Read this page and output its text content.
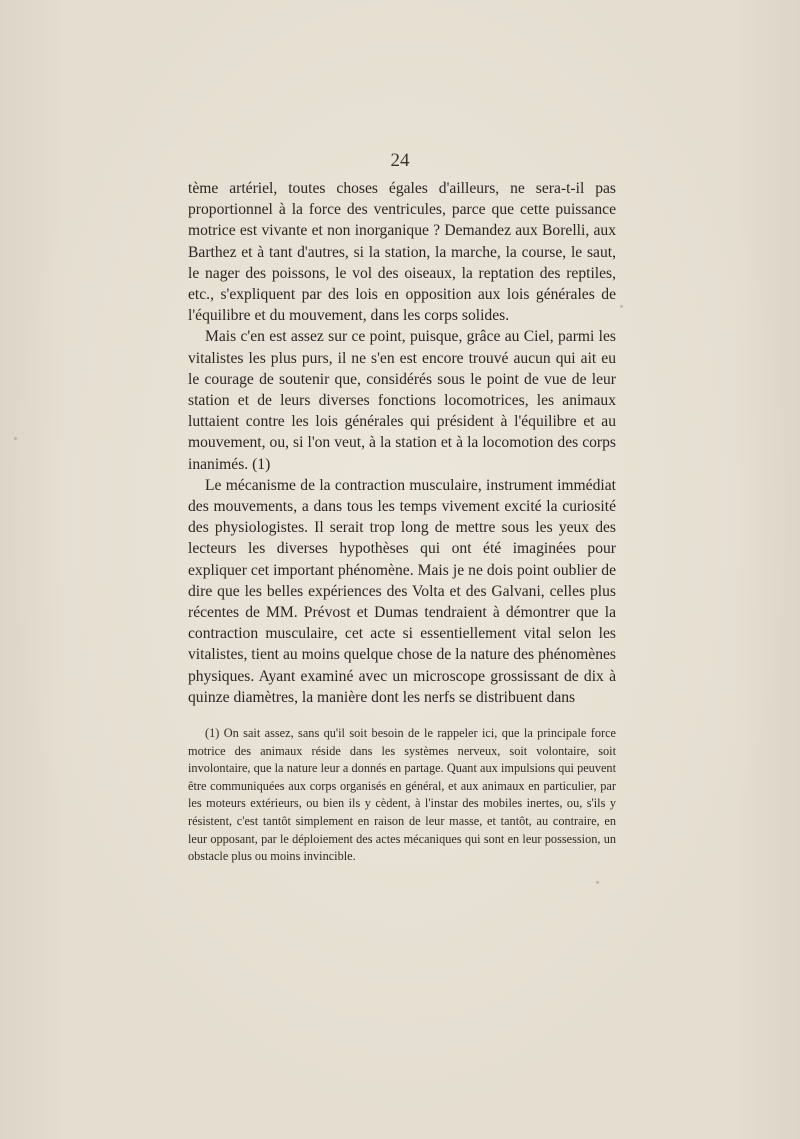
24

tème artériel, toutes choses égales d'ailleurs, ne sera-t-il pas proportionnel à la force des ventricules, parce que cette puissance motrice est vivante et non inorganique ? Demandez aux Borelli, aux Barthez et à tant d'autres, si la station, la marche, la course, le saut, le nager des poissons, le vol des oiseaux, la reptation des reptiles, etc., s'expliquent par des lois en opposition aux lois générales de l'équilibre et du mouvement, dans les corps solides.

Mais c'en est assez sur ce point, puisque, grâce au Ciel, parmi les vitalistes les plus purs, il ne s'en est encore trouvé aucun qui ait eu le courage de soutenir que, considérés sous le point de vue de leur station et de leurs diverses fonctions locomotrices, les animaux luttaient contre les lois générales qui président à l'équilibre et au mouvement, ou, si l'on veut, à la station et à la locomotion des corps inanimés. (1)

Le mécanisme de la contraction musculaire, instrument immédiat des mouvements, a dans tous les temps vivement excité la curiosité des physiologistes. Il serait trop long de mettre sous les yeux des lecteurs les diverses hypothèses qui ont été imaginées pour expliquer cet important phénomène. Mais je ne dois point oublier de dire que les belles expériences des Volta et des Galvani, celles plus récentes de MM. Prévost et Dumas tendraient à démontrer que la contraction musculaire, cet acte si essentiellement vital selon les vitalistes, tient au moins quelque chose de la nature des phénomènes physiques. Ayant examiné avec un microscope grossissant de dix à quinze diamètres, la manière dont les nerfs se distribuent dans

(1) On sait assez, sans qu'il soit besoin de le rappeler ici, que la principale force motrice des animaux réside dans les systèmes nerveux, soit volontaire, soit involontaire, que la nature leur a donnés en partage. Quant aux impulsions qui peuvent être communiquées aux corps organisés en général, et aux animaux en particulier, par les moteurs extérieurs, ou bien ils y cèdent, à l'instar des mobiles inertes, ou, s'ils y résistent, c'est tantôt simplement en raison de leur masse, et tantôt, au contraire, en leur opposant, par le déploiement des actes mécaniques qui sont en leur possession, un obstacle plus ou moins invincible.
